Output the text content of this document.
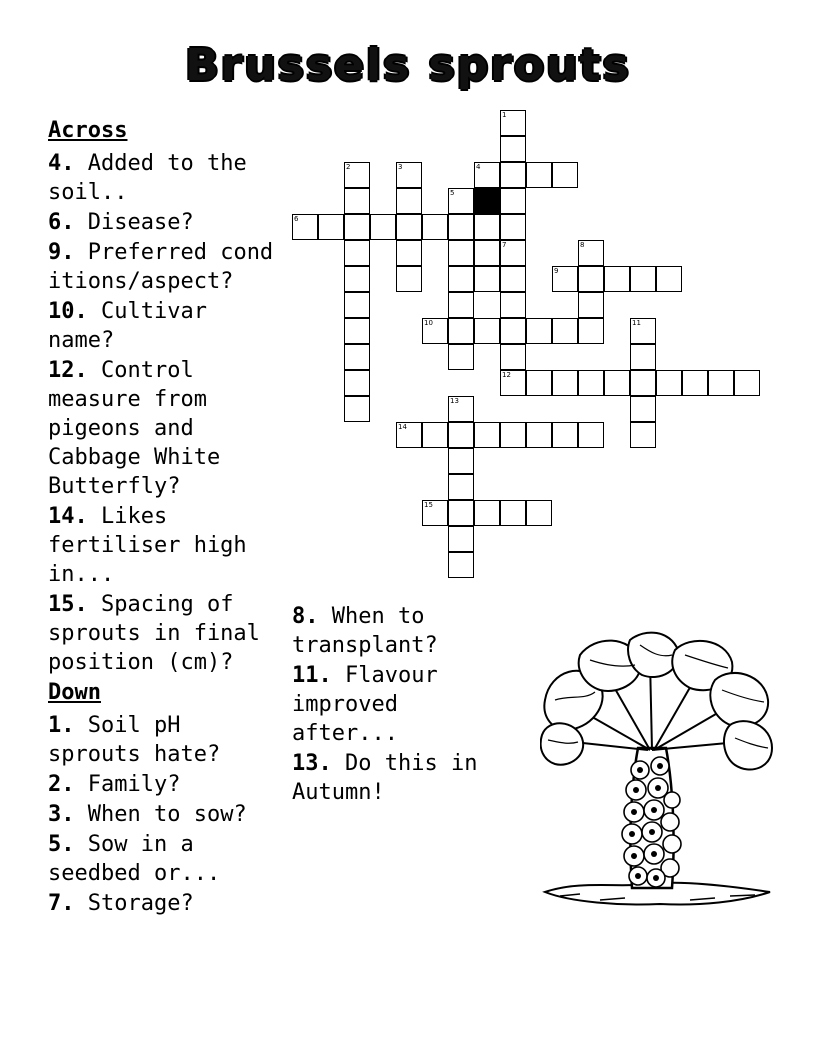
Brussels sprouts
Across
4. Added to the soil..
6. Disease?
9. Preferred conditions/aspect?
10. Cultivar name?
12. Control measure from pigeons and Cabbage White Butterfly?
14. Likes fertiliser high in...
15. Spacing of sprouts in final position (cm)?
Down
1. Soil pH sprouts hate?
2. Family?
3. When to sow?
5. Sow in a seedbed or...
7. Storage?
8. When to transplant?
11. Flavour improved after...
13. Do this in Autumn!
4
6
9
10
12
14
15
1
2	3
5
7	8
11
13
